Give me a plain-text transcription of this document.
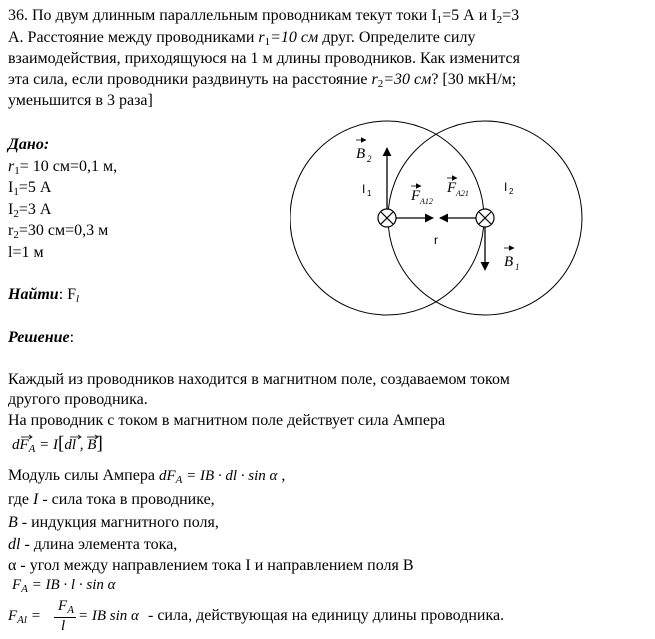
36. По двум длинным параллельным проводникам текут токи $I_1=5$ А и $I_2=3$
А. Расстояние между проводниками $r_1=10$ см друг. Определите силу
взаимодействия, приходящуюся на 1 м длины проводников. Как изменится
эта сила, если проводники раздвинуть на расстояние $r_2=30$ см? [30 мкН/м;
уменьшится в 3 раза]
Дано:
$r_1= 10$ см=0,1 м,
$I_1=5$ А
$I_2=3$ А
$r_2=30$ см=0,3 м
l=1 м
Найти: $F_l$
Решение:
B 2
I 1	I 2
F A12
F A21
r
B 1
Каждый из проводников находится в магнитном поле, создаваемом током
другого проводника.
На проводник с током в магнитном поле действует сила Ампера
$dF_A$
= I[dl
, B
]
Модуль силы Ампера $dF_A$ = IB · dl · sin α ,
где I - сила тока в проводнике,
B - индукция магнитного поля,
dl - длина элемента тока,
α - угол между направлением тока I и направлением поля B
$F_A$ = IB · l · sin α
$F_{Al}$ =
$F_A$
l
= IB sin α - сила, действующая на единицу длины проводника.
